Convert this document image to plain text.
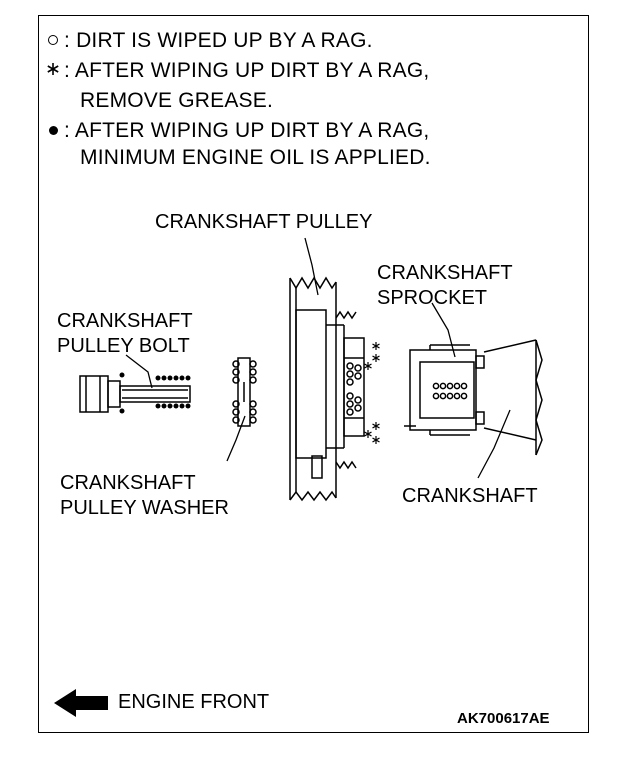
: DIRT IS WIPED UP BY A RAG.
: AFTER WIPING UP DIRT BY A RAG,
REMOVE GREASE.
: AFTER WIPING UP DIRT BY A RAG,
MINIMUM ENGINE OIL IS APPLIED.
CRANKSHAFT PULLEY
CRANKSHAFT
SPROCKET
CRANKSHAFT
PULLEY BOLT
CRANKSHAFT
PULLEY WASHER
CRANKSHAFT
ENGINE FRONT
AK700617AE
